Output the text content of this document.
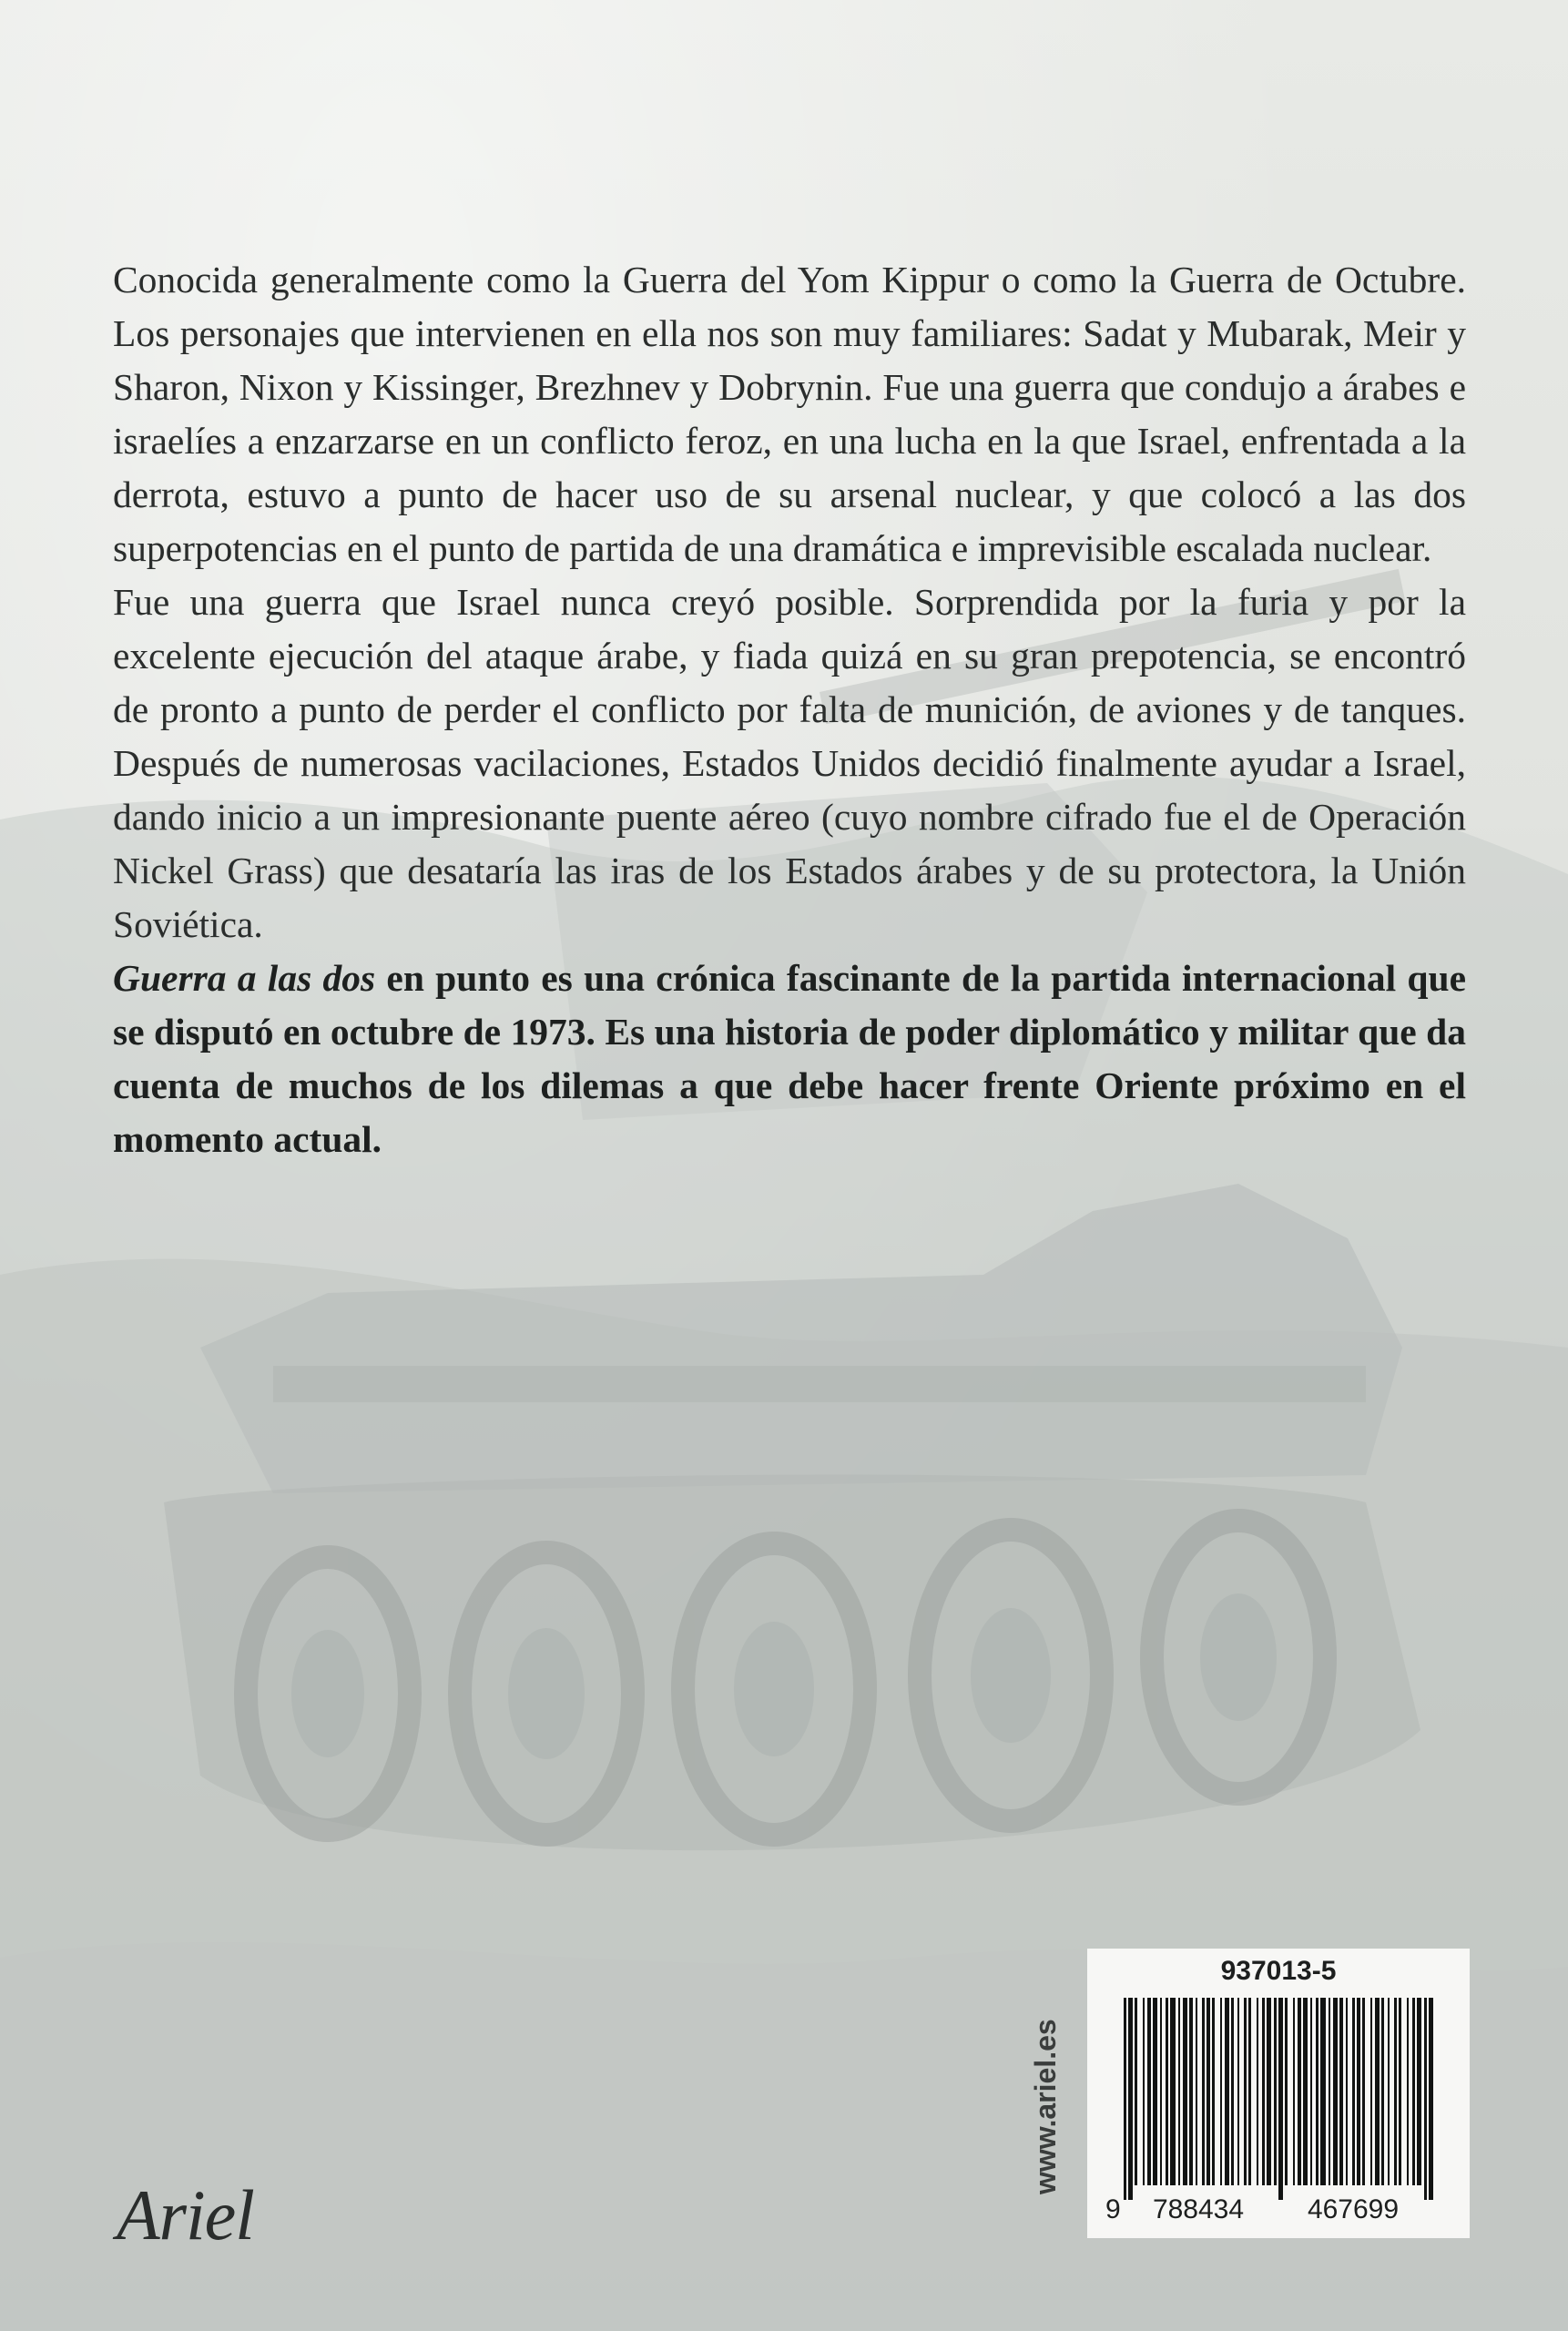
Conocida generalmente como la Guerra del Yom Kippur o como la Guerra de Octubre. Los personajes que intervienen en ella nos son muy familiares: Sadat y Mubarak, Meir y Sharon, Nixon y Kissinger, Brezhnev y Dobrynin. Fue una guerra que condujo a árabes e israelíes a enzarzarse en un conflicto feroz, en una lucha en la que Israel, enfrentada a la derrota, estuvo a punto de hacer uso de su arsenal nuclear, y que colocó a las dos superpotencias en el punto de partida de una dramática e imprevisible escalada nuclear.

Fue una guerra que Israel nunca creyó posible. Sorprendida por la furia y por la excelente ejecución del ataque árabe, y fiada quizá en su gran prepotencia, se encontró de pronto a punto de perder el conflicto por falta de munición, de aviones y de tanques. Después de numerosas vacilaciones, Estados Unidos decidió finalmente ayudar a Israel, dando inicio a un impresionante puente aéreo (cuyo nombre cifrado fue el de Operación Nickel Grass) que desataría las iras de los Estados árabes y de su protectora, la Unión Soviética.

Guerra a las dos en punto es una crónica fascinante de la partida internacional que se disputó en octubre de 1973. Es una historia de poder diplomático y militar que da cuenta de muchos de los dilemas a que debe hacer frente Oriente próximo en el momento actual.

Ariel
www.ariel.es
937013-5
9 788434 467699
